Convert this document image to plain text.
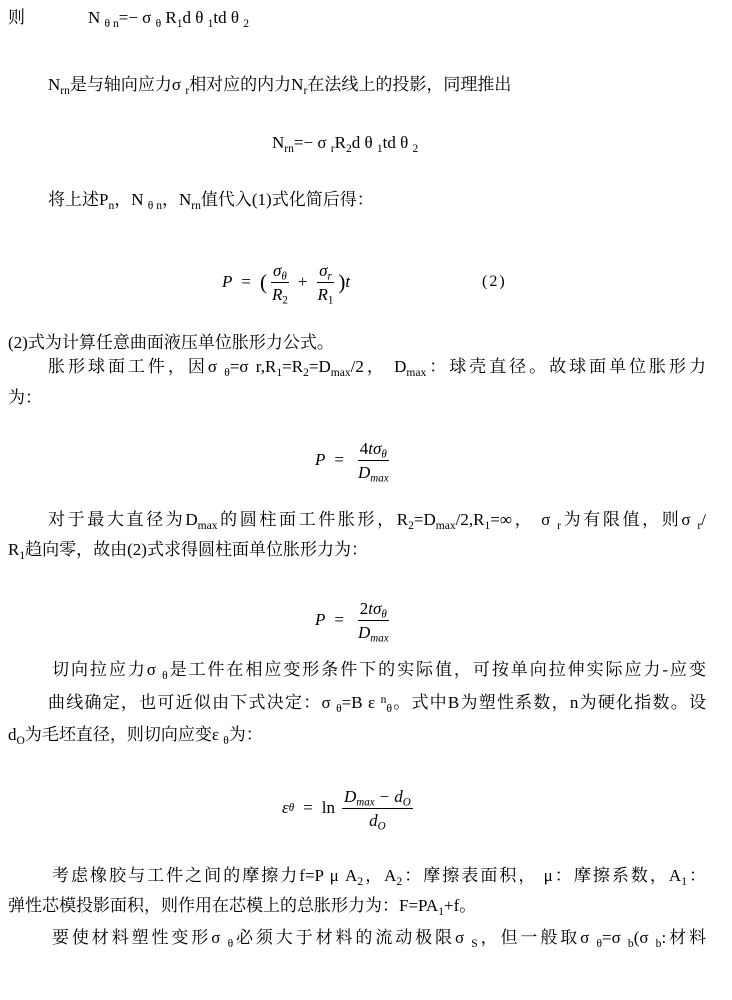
则	N $_{\theta n}$=− σ $_\theta$ $R_1d$ θ $_1$td θ $_2$
$N_{rn}$是与轴向应力σ $_r$相对应的内力$N_r$在法线上的投影，同理推出
$N_{rn}=- \sigma$ $_rR_2d$ θ $_1$td θ $_2$
将上述$P_n$，N $_{\theta n}$，$N_{rn}$值代入(1)式化简后得：
P = ( $\frac{\sigma\theta}{R2} + \frac{\sigma r}{R1}$ ) t	(2)
(2)式为计算任意曲面液压单位胀形力公式。
胀形球面工件，因σ $_\theta$=σ $r,R_1=R_2=D_{max}/2$， $D_{max}$：球壳直径。故球面单位胀形力
为：
$P = \frac{\text{4tσθ}}{Dmax}$
对于最大直径为$D_{max}$的圆柱面工件胀形，$R_2=D_{max}/2,R_1=\infty$， σ $_r$为有限值，则σ $_r$/
$R_1$趋向零，故由(2)式求得圆柱面单位胀形力为：
$P = \frac{\text{2tσθ}}{Dmax}$
切向拉应力σ $_\theta$是工件在相应变形条件下的实际值，可按单向拉伸实际应力-应变
曲线确定，也可近似由下式决定：σ $_\theta$=B ε $^n_\theta$。式中B为塑性系数，n为硬化指数。设
$d_O$为毛坯直径，则切向应变ε $_\theta$为：
ε $\theta = \ln \frac{Dmax - dO}{dO}$
考虑橡胶与工件之间的摩擦力f=P μ $A_2$，$A_2$：摩擦表面积， μ：摩擦系数，$A_1$：
弹性芯模投影面积，则作用在芯模上的总胀形力为：$F=PA_1+f$。
要使材料塑性变形σ $_\theta$必须大于材料的流动极限σ $_S$，但一般取σ $_\theta$=σ $_b$(σ $_b$:材料
